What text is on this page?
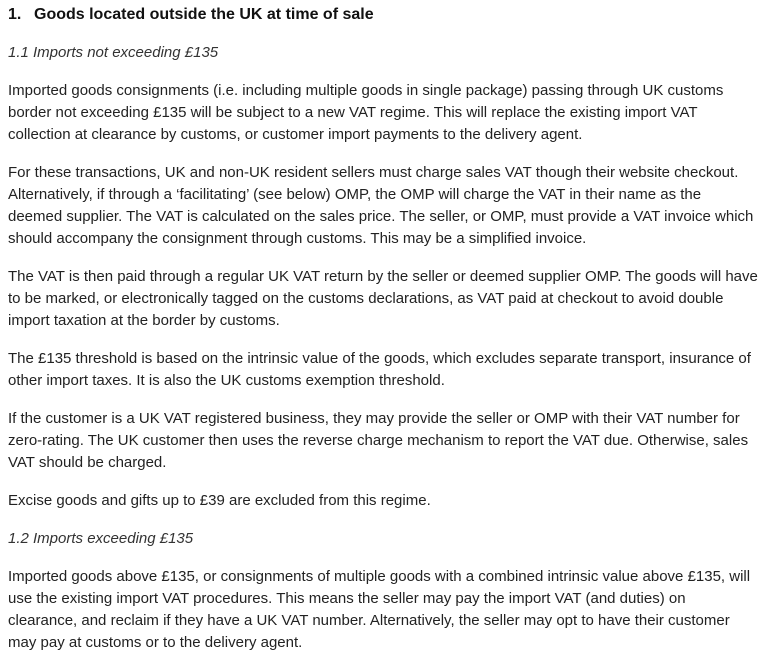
1. Goods located outside the UK at time of sale
1.1 Imports not exceeding £135

Imported goods consignments (i.e. including multiple goods in single package) passing through UK customs border not exceeding £135 will be subject to a new VAT regime. This will replace the existing import VAT collection at clearance by customs, or customer import payments to the delivery agent.

For these transactions, UK and non-UK resident sellers must charge sales VAT though their website checkout. Alternatively, if through a ‘facilitating’ (see below) OMP, the OMP will charge the VAT in their name as the deemed supplier. The VAT is calculated on the sales price. The seller, or OMP, must provide a VAT invoice which should accompany the consignment through customs. This may be a simplified invoice.

The VAT is then paid through a regular UK VAT return by the seller or deemed supplier OMP. The goods will have to be marked, or electronically tagged on the customs declarations, as VAT paid at checkout to avoid double import taxation at the border by customs.

The £135 threshold is based on the intrinsic value of the goods, which excludes separate transport, insurance of other import taxes. It is also the UK customs exemption threshold.

If the customer is a UK VAT registered business, they may provide the seller or OMP with their VAT number for zero-rating. The UK customer then uses the reverse charge mechanism to report the VAT due. Otherwise, sales VAT should be charged.

Excise goods and gifts up to £39 are excluded from this regime.

1.2 Imports exceeding £135

Imported goods above £135, or consignments of multiple goods with a combined intrinsic value above £135, will use the existing import VAT procedures. This means the seller may pay the import VAT (and duties) on clearance, and reclaim if they have a UK VAT number. Alternatively, the seller may opt to have their customer may pay at customs or to the delivery agent.
